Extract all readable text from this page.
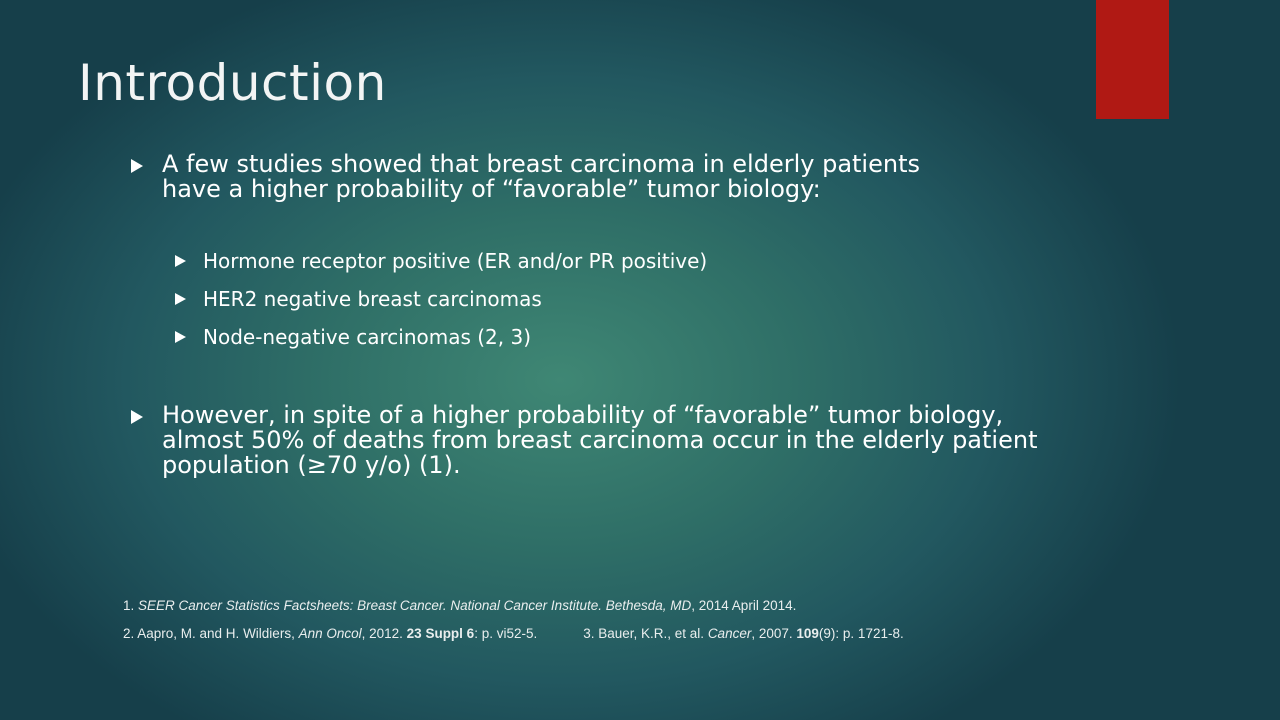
Introduction
A few studies showed that breast carcinoma in elderly patients have a higher probability of “favorable” tumor biology:
Hormone receptor positive (ER and/or PR positive)
HER2 negative breast carcinomas
Node-negative carcinomas (2, 3)
However, in spite of a higher probability of “favorable” tumor biology, almost 50% of deaths from breast carcinoma occur in the elderly patient population (≥70 y/o) (1).

1. SEER Cancer Statistics Factsheets: Breast Cancer. National Cancer Institute. Bethesda, MD, 2014 April 2014.

2. Aapro, M. and H. Wildiers, Ann Oncol, 2012. 23 Suppl 6: p. vi52-5.	3. Bauer, K.R., et al. Cancer, 2007. 109(9): p. 1721-8.
